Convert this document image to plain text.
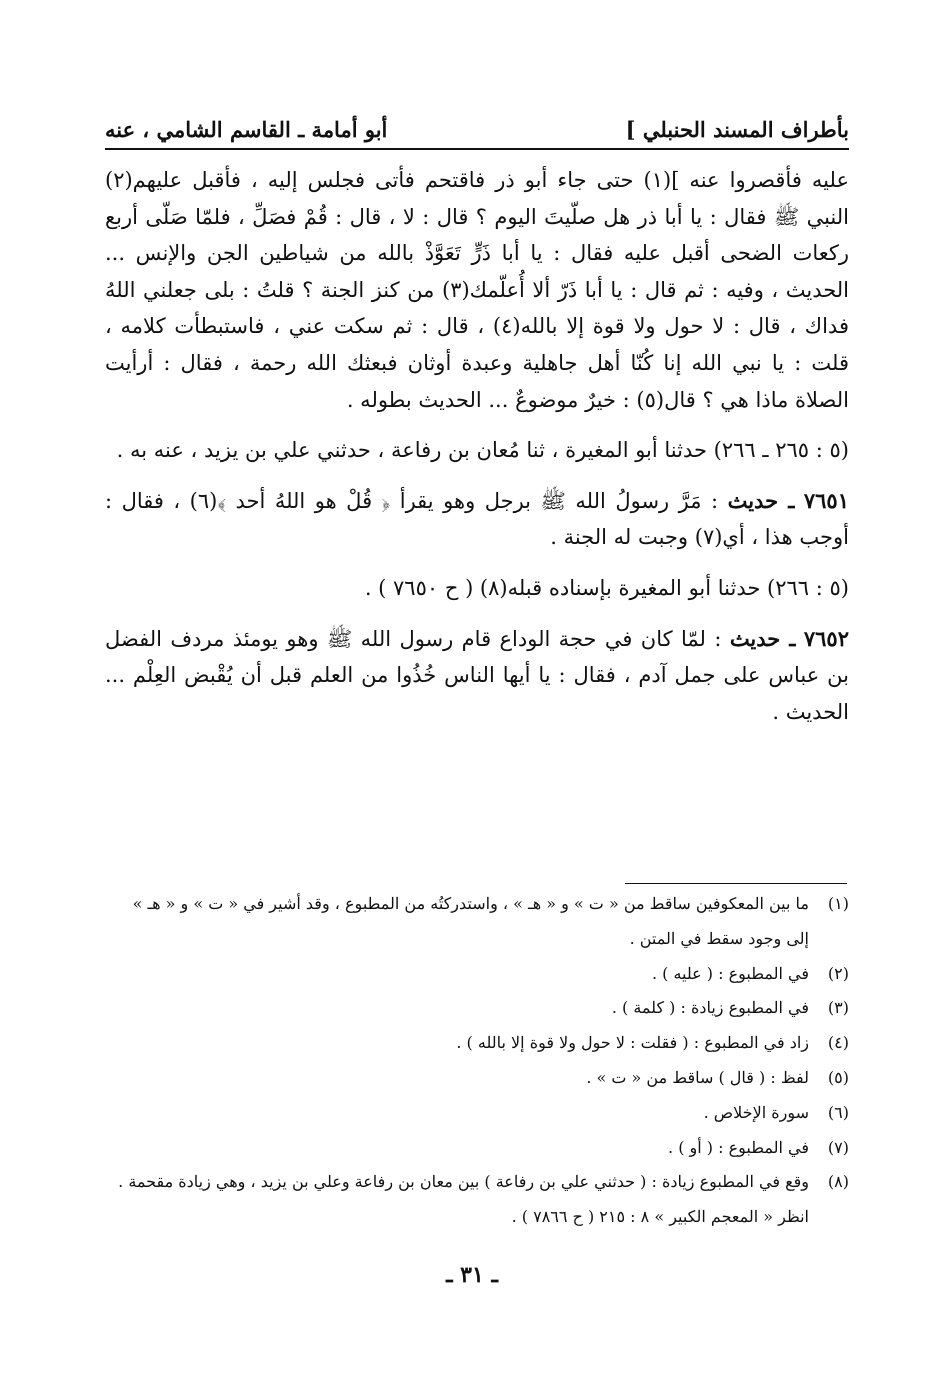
بأطراف المسند الحنبلي ]
أبو أمامة ـ القاسم الشامي ، عنه

عليه فأقصروا عنه ](١) حتى جاء أبو ذر فاقتحم فأتى فجلس إليه ، فأقبل عليهم(٢) النبي ﷺ فقال : يا أبا ذر هل صلّيتَ اليوم ؟ قال : لا ، قال : قُمْ فصَلِّ ، فلمّا صَلّى أربع ركعات الضحى أقبل عليه فقال : يا أبا ذَرٍّ تَعَوَّذْ بالله من شياطين الجن والإنس ... الحديث ، وفيه : ثم قال : يا أبا ذَرّ ألا أُعلّمك(٣) من كنز الجنة ؟ قلتُ : بلى جعلني اللهُ فداك ، قال : لا حول ولا قوة إلا بالله(٤) ، قال : ثم سكت عني ، فاستبطأت كلامه ، قلت : يا نبي الله إنا كُنّا أهل جاهلية وعبدة أوثان فبعثك الله رحمة ، فقال : أرأيت الصلاة ماذا هي ؟ قال(٥) : خيرٌ موضوعٌ ... الحديث بطوله .

(٥ : ٢٦٥ ـ ٢٦٦) حدثنا أبو المغيرة ، ثنا مُعان بن رفاعة ، حدثني علي بن يزيد ، عنه به .

٧٦٥١ ـ حديث : مَرَّ رسولُ الله ﷺ برجل وهو يقرأ ﴿ قُلْ هو اللهُ أحد ﴾(٦) ، فقال : أوجب هذا ، أي(٧) وجبت له الجنة .

(٥ : ٢٦٦) حدثنا أبو المغيرة بإسناده قبله(٨) ( ح ٧٦٥٠ ) .

٧٦٥٢ ـ حديث : لمّا كان في حجة الوداع قام رسول الله ﷺ وهو يومئذ مردف الفضل بن عباس على جمل آدم ، فقال : يا أيها الناس خُذُوا من العلم قبل أن يُقْبض العِلْم ... الحديث .

(١)
ما بين المعكوفين ساقط من « ت » و « هـ » ، واستدركتُه من المطبوع ، وقد أشير في « ت » و « هـ » إلى وجود سقط في المتن .
(٢)
في المطبوع : ( عليه ) .
(٣)
في المطبوع زيادة : ( كلمة ) .
(٤)
زاد في المطبوع : ( فقلت : لا حول ولا قوة إلا بالله ) .
(٥)
لفظ : ( قال ) ساقط من « ت » .
(٦)
سورة الإخلاص .
(٧)
في المطبوع : ( أو ) .
(٨)
وقع في المطبوع زيادة : ( حدثني علي بن رفاعة ) بين معان بن رفاعة وعلي بن يزيد ، وهي زيادة مقحمة . انظر « المعجم الكبير » ٨ : ٢١٥ ( ح ٧٨٦٦ ) .
ـ ٣١ ـ
